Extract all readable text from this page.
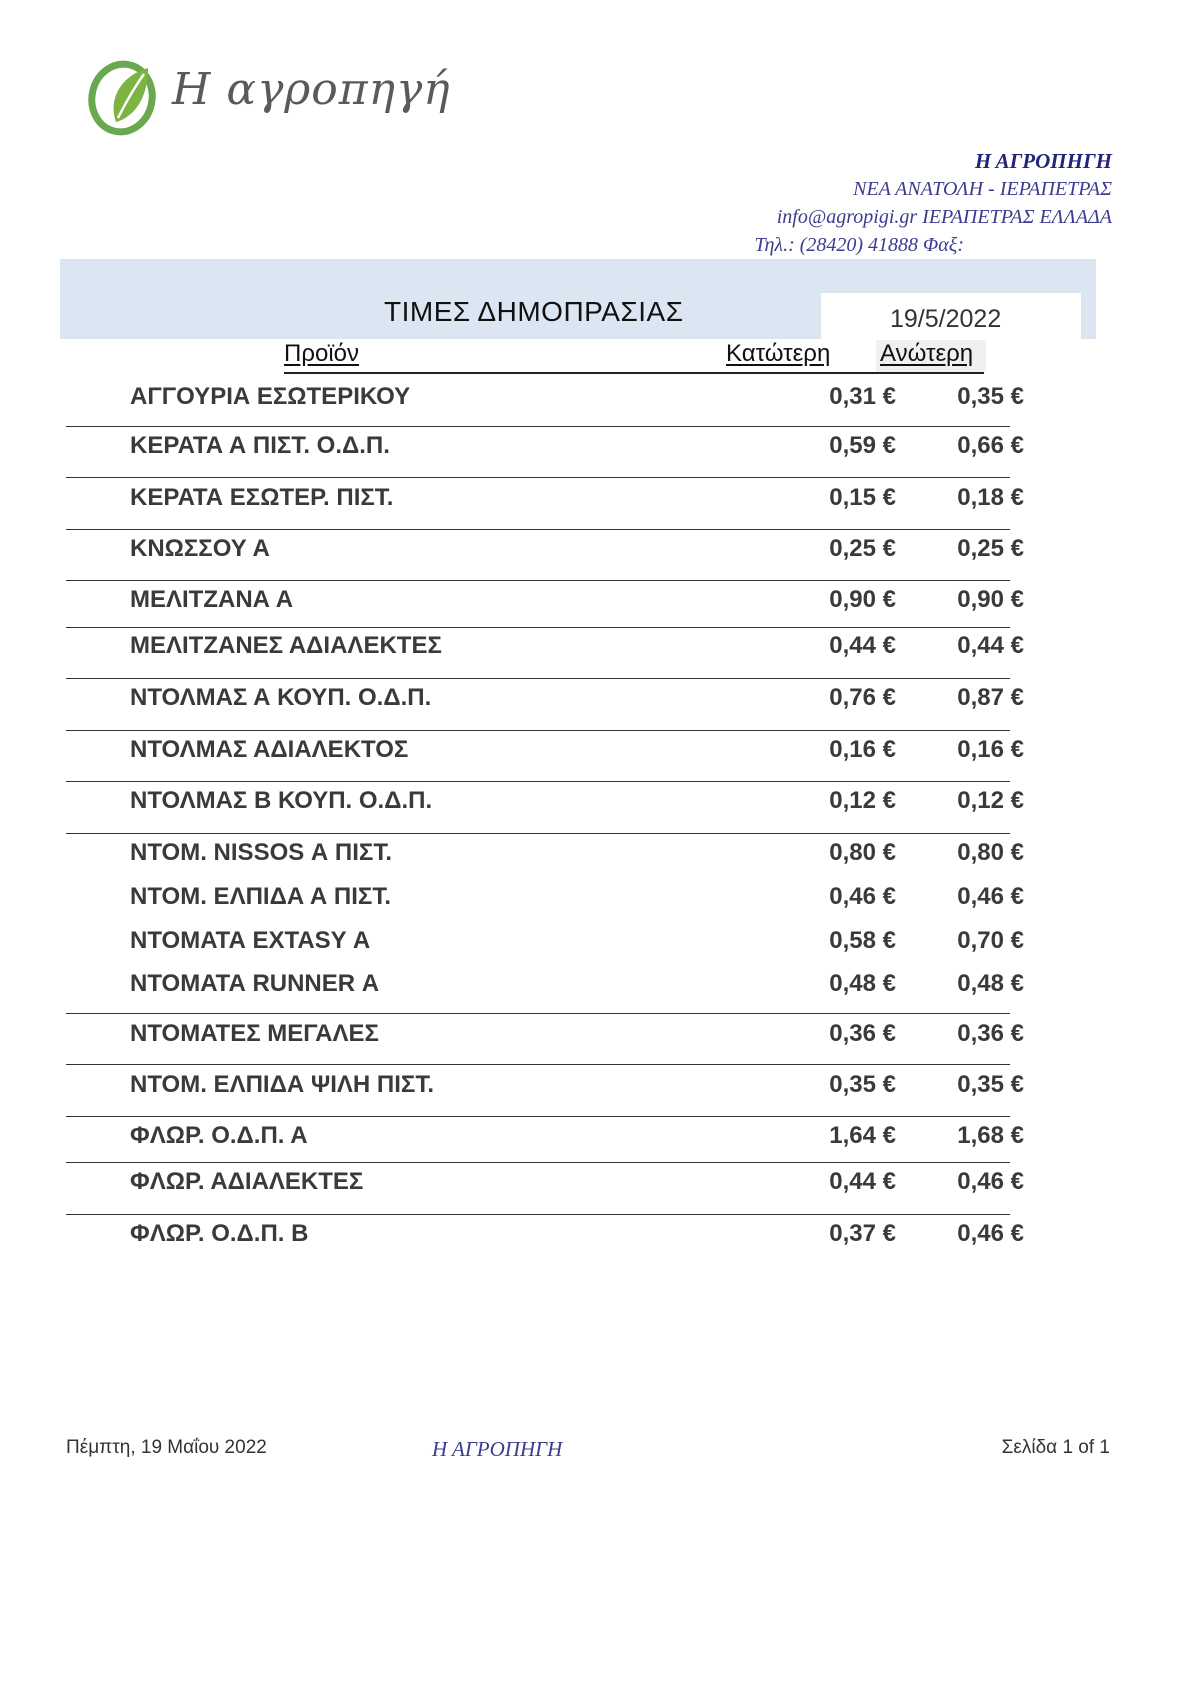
Η αγροπηγή
Η ΑΓΡΟΠΗΓΗ
ΝΕΑ ΑΝΑΤΟΛΗ - ΙΕΡΑΠΕΤΡΑΣ
info@agropigi.gr ΙΕΡΑΠΕΤΡΑΣ ΕΛΛΑΔΑ
Τηλ.: (28420) 41888 Φαξ:
ΤΙΜΕΣ ΔΗΜΟΠΡΑΣΙΑΣ	19/5/2022
Προϊόν	Κατώτερη Ανώτερη
ΑΓΓΟΥΡΙΑ ΕΣΩΤΕΡΙΚΟΥ	0,31 €	0,35 €
ΚΕΡΑΤΑ Α ΠΙΣΤ. Ο.Δ.Π.	0,59 €	0,66 €
ΚΕΡΑΤΑ ΕΣΩΤΕΡ. ΠΙΣΤ.	0,15 €	0,18 €
ΚΝΩΣΣΟΥ Α	0,25 €	0,25 €
ΜΕΛΙΤΖΑΝΑ Α	0,90 €	0,90 €
ΜΕΛΙΤΖΑΝΕΣ ΑΔΙΑΛΕΚΤΕΣ	0,44 €	0,44 €
ΝΤΟΛΜΑΣ Α ΚΟΥΠ. Ο.Δ.Π.	0,76 €	0,87 €
ΝΤΟΛΜΑΣ ΑΔΙΑΛΕΚΤΟΣ	0,16 €	0,16 €
ΝΤΟΛΜΑΣ Β ΚΟΥΠ. Ο.Δ.Π.	0,12 €	0,12 €
ΝΤΟΜ. NISSOS Α ΠΙΣΤ.	0,80 €	0,80 €
ΝΤΟΜ. ΕΛΠΙΔΑ Α ΠΙΣΤ.	0,46 €	0,46 €
ΝΤΟΜΑΤΑ EXTASY Α	0,58 €	0,70 €
ΝΤΟΜΑΤΑ RUNNER Α	0,48 €	0,48 €
ΝΤΟΜΑΤΕΣ ΜΕΓΑΛΕΣ	0,36 €	0,36 €
ΝΤΟΜ. ΕΛΠΙΔΑ ΨΙΛΗ ΠΙΣΤ.	0,35 €	0,35 €
ΦΛΩΡ. Ο.Δ.Π. Α	1,64 €	1,68 €
ΦΛΩΡ. ΑΔΙΑΛΕΚΤΕΣ	0,44 €	0,46 €
ΦΛΩΡ. Ο.Δ.Π. Β	0,37 €	0,46 €
Πέμπτη, 19 Μαΐου 2022	Η ΑΓΡΟΠΗΓΗ	Σελίδα 1 of 1
